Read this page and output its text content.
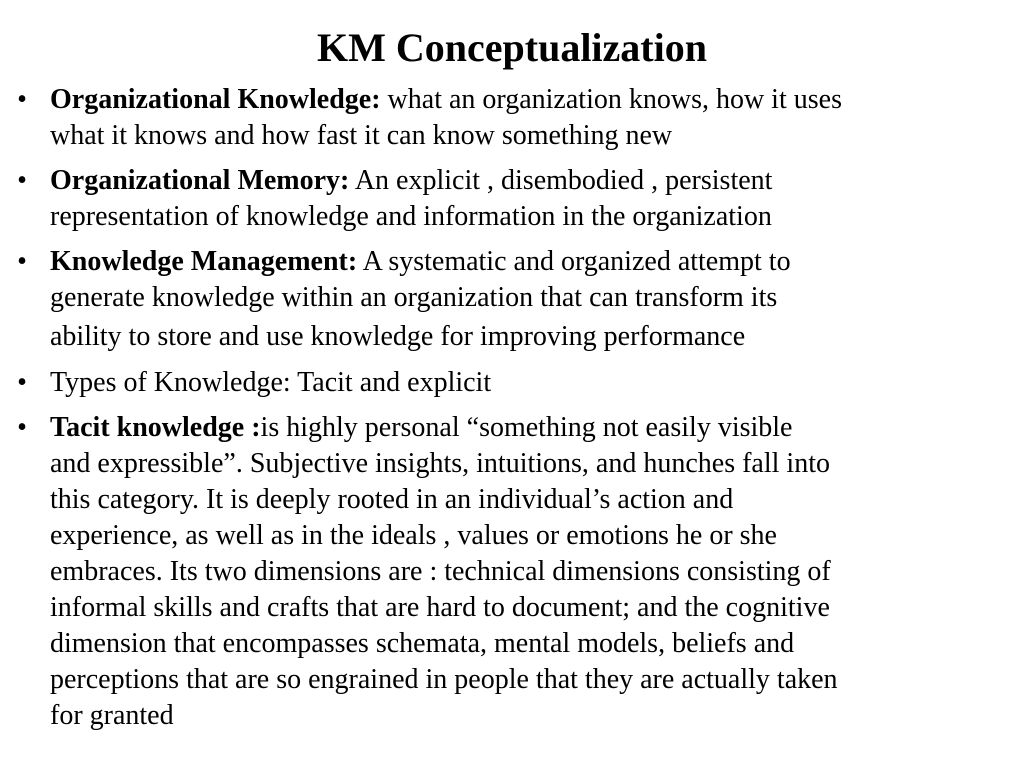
KM Conceptualization
• Organizational Knowledge: what an organization knows, how it uses
what it knows and how fast it can know something new
• Organizational Memory: An explicit , disembodied , persistent
representation of knowledge and information in the organization
• Knowledge Management: A systematic and organized attempt to
generate knowledge within an organization that can transform its
ability to store and use knowledge for improving performance
• Types of Knowledge: Tacit and explicit
• Tacit knowledge :is highly personal “something not easily visible
and expressible”. Subjective insights, intuitions, and hunches fall into
this category. It is deeply rooted in an individual’s action and
experience, as well as in the ideals , values or emotions he or she
embraces. Its two dimensions are : technical dimensions consisting of
informal skills and crafts that are hard to document; and the cognitive
dimension that encompasses schemata, mental models, beliefs and
perceptions that are so engrained in people that they are actually taken
for granted
